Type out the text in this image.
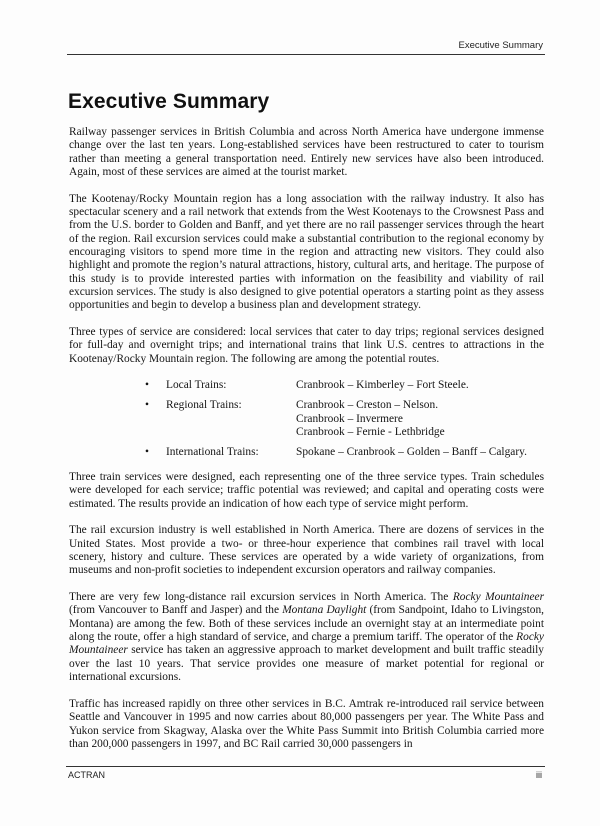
Executive Summary
Executive Summary

Railway passenger services in British Columbia and across North America have undergone immense change over the last ten years. Long-established services have been restructured to cater to tourism rather than meeting a general transportation need. Entirely new services have also been introduced. Again, most of these services are aimed at the tourist market.

The Kootenay/Rocky Mountain region has a long association with the railway industry. It also has spectacular scenery and a rail network that extends from the West Kootenays to the Crowsnest Pass and from the U.S. border to Golden and Banff, and yet there are no rail passenger services through the heart of the region. Rail excursion services could make a substantial contribution to the regional economy by encouraging visitors to spend more time in the region and attracting new visitors. They could also highlight and promote the region’s natural attractions, history, cultural arts, and heritage. The purpose of this study is to provide interested parties with information on the feasibility and viability of rail excursion services. The study is also designed to give potential operators a starting point as they assess opportunities and begin to develop a business plan and development strategy.

Three types of service are considered: local services that cater to day trips; regional services designed for full-day and overnight trips; and international trains that link U.S. centres to attractions in the Kootenay/Rocky Mountain region. The following are among the potential routes.

• Local Trains:	Cranbrook – Kimberley – Fort Steele.
• Regional Trains:	Cranbrook – Creston – Nelson.
Cranbrook – Invermere
Cranbrook – Fernie - Lethbridge
• International Trains:	Spokane – Cranbrook – Golden – Banff – Calgary.

Three train services were designed, each representing one of the three service types. Train schedules were developed for each service; traffic potential was reviewed; and capital and operating costs were estimated. The results provide an indication of how each type of service might perform.

The rail excursion industry is well established in North America. There are dozens of services in the United States. Most provide a two- or three-hour experience that combines rail travel with local scenery, history and culture. These services are operated by a wide variety of organizations, from museums and non-profit societies to independent excursion operators and railway companies.

There are very few long-distance rail excursion services in North America. The Rocky Mountaineer (from Vancouver to Banff and Jasper) and the Montana Daylight (from Sandpoint, Idaho to Livingston, Montana) are among the few. Both of these services include an overnight stay at an intermediate point along the route, offer a high standard of service, and charge a premium tariff. The operator of the Rocky Mountaineer service has taken an aggressive approach to market development and built traffic steadily over the last 10 years. That service provides one measure of market potential for regional or international excursions.

Traffic has increased rapidly on three other services in B.C. Amtrak re-introduced rail service between Seattle and Vancouver in 1995 and now carries about 80,000 passengers per year. The White Pass and Yukon service from Skagway, Alaska over the White Pass Summit into British Columbia carried more than 200,000 passengers in 1997, and BC Rail carried 30,000 passengers in

ACTRAN	iii
